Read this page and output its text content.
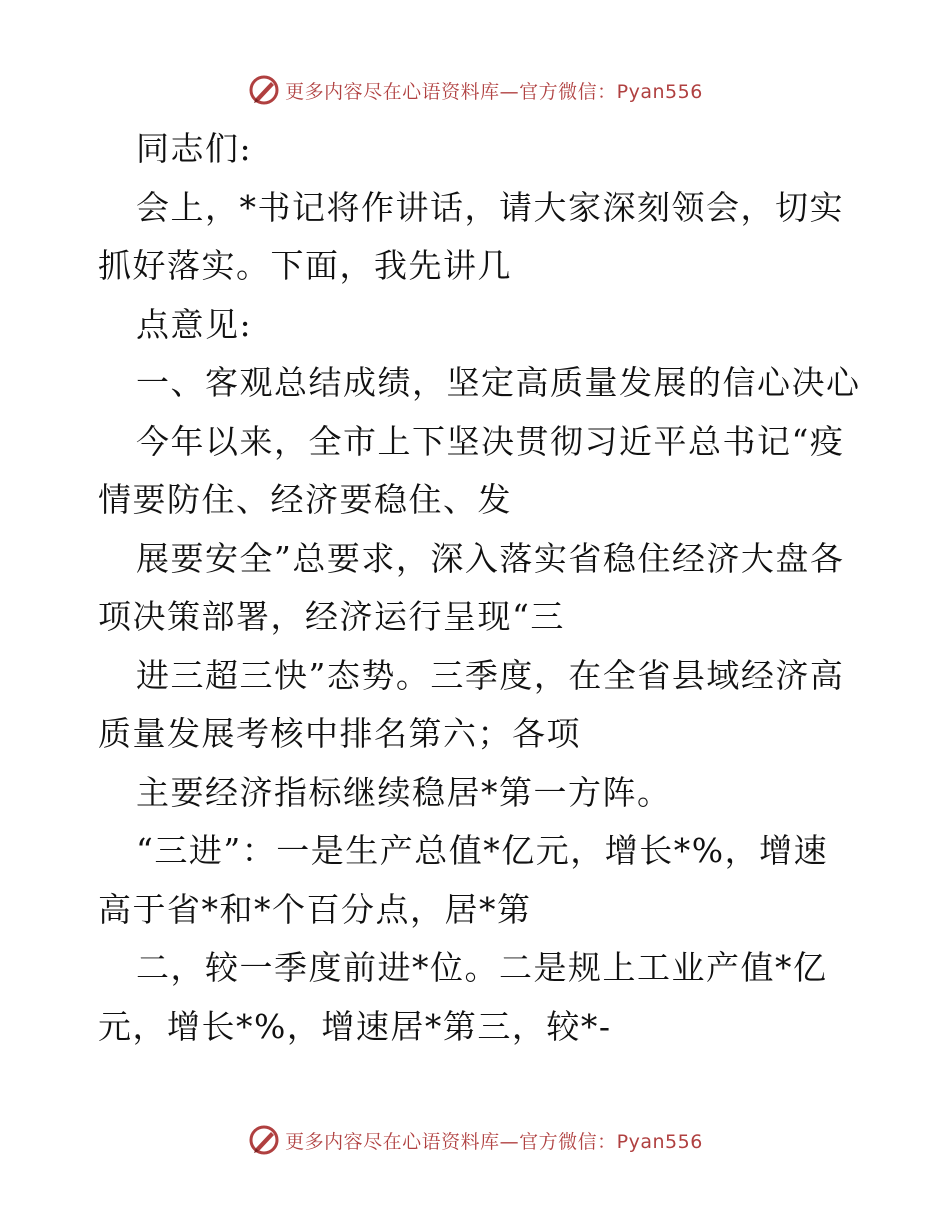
更多内容尽在心语资料库 —官方微信：Pyan556
同志们:
会上，*书记将作讲话，请大家深刻领会，切实
抓好落实。下面，我先讲几
点意见:
一、客观总结成绩，坚定高质量发展的信心决心
今年以来，全市上下坚决贯彻习近平总书记“疫
情要防住、经济要稳住、发
展要安全”总要求，深入落实省稳住经济大盘各
项决策部署，经济运行呈现“三
进三超三快”态势。三季度，在全省县域经济高
质量发展考核中排名第六；各项
主要经济指标继续稳居*第一方阵。
“三进”：一是生产总值*亿元，增长*%，增速
高于省*和*个百分点，居*第
二，较一季度前进*位。二是规上工业产值*亿
元，增长*%，增速居*第三，较*-
更多内容尽在心语资料库 —官方微信：Pyan556
